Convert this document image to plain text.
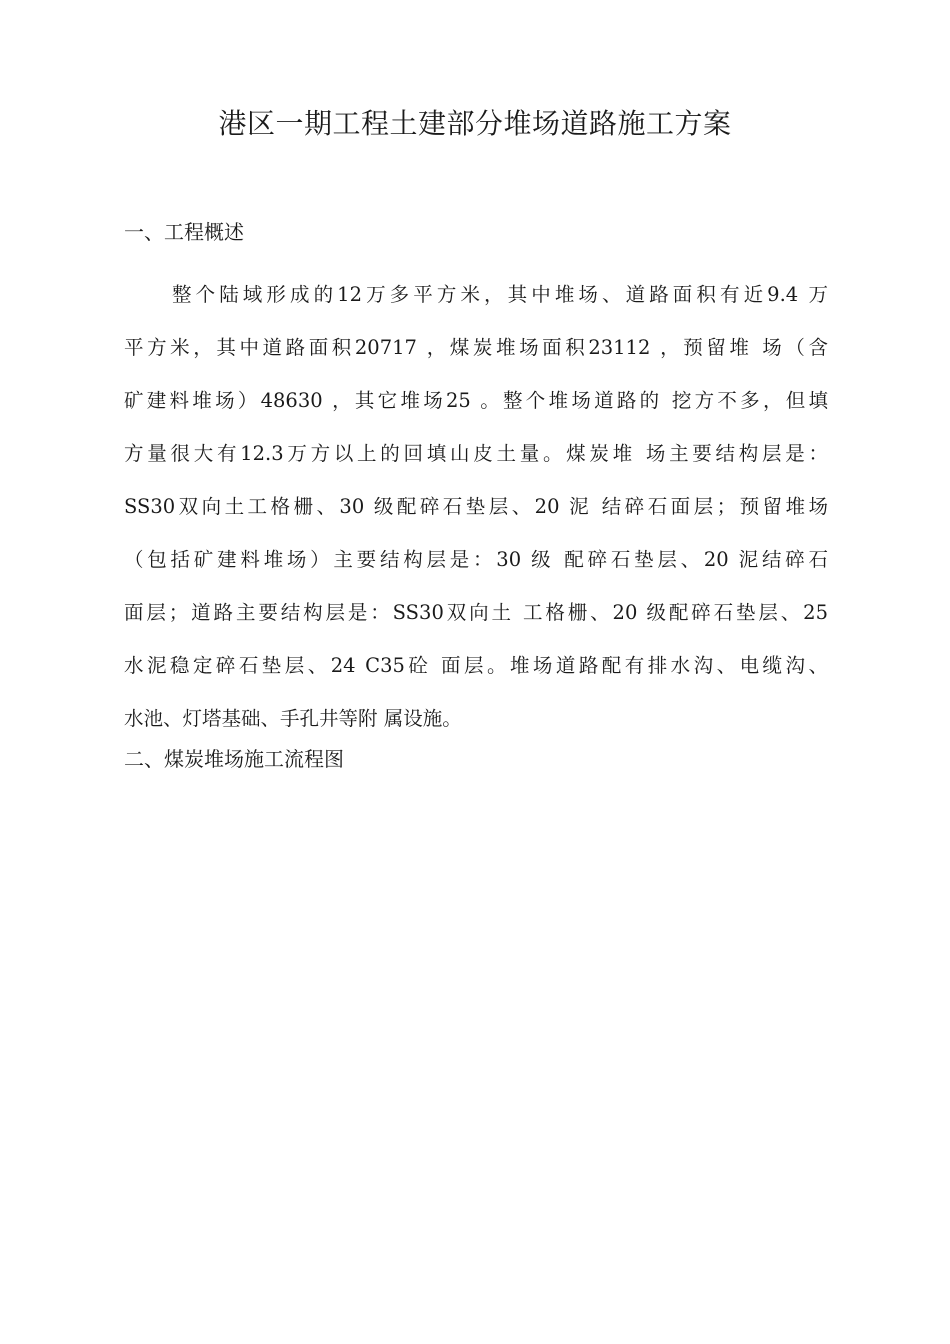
港区一期工程土建部分堆场道路施工方案
一、工程概述

整个陆域形成的12万多平方米，其中堆场、道路面积有近9.4 万
平方米，其中道路面积20717 ，煤炭堆场面积23112 ，预留堆 场（含
矿建料堆场）48630 ，其它堆场25 。整个堆场道路的 挖方不多，但填
方量很大有12.3万方以上的回填山皮土量。煤炭堆 场主要结构层是：
SS30双向土工格栅、30 级配碎石垫层、20 泥 结碎石面层；预留堆场
（包括矿建料堆场）主要结构层是：30 级 配碎石垫层、20 泥结碎石
面层；道路主要结构层是：SS30双向土 工格栅、20 级配碎石垫层、25
水泥稳定碎石垫层、24 C35砼 面层。堆场道路配有排水沟、电缆沟、
水池、灯塔基础、手孔井等附 属设施。

二、煤炭堆场施工流程图
